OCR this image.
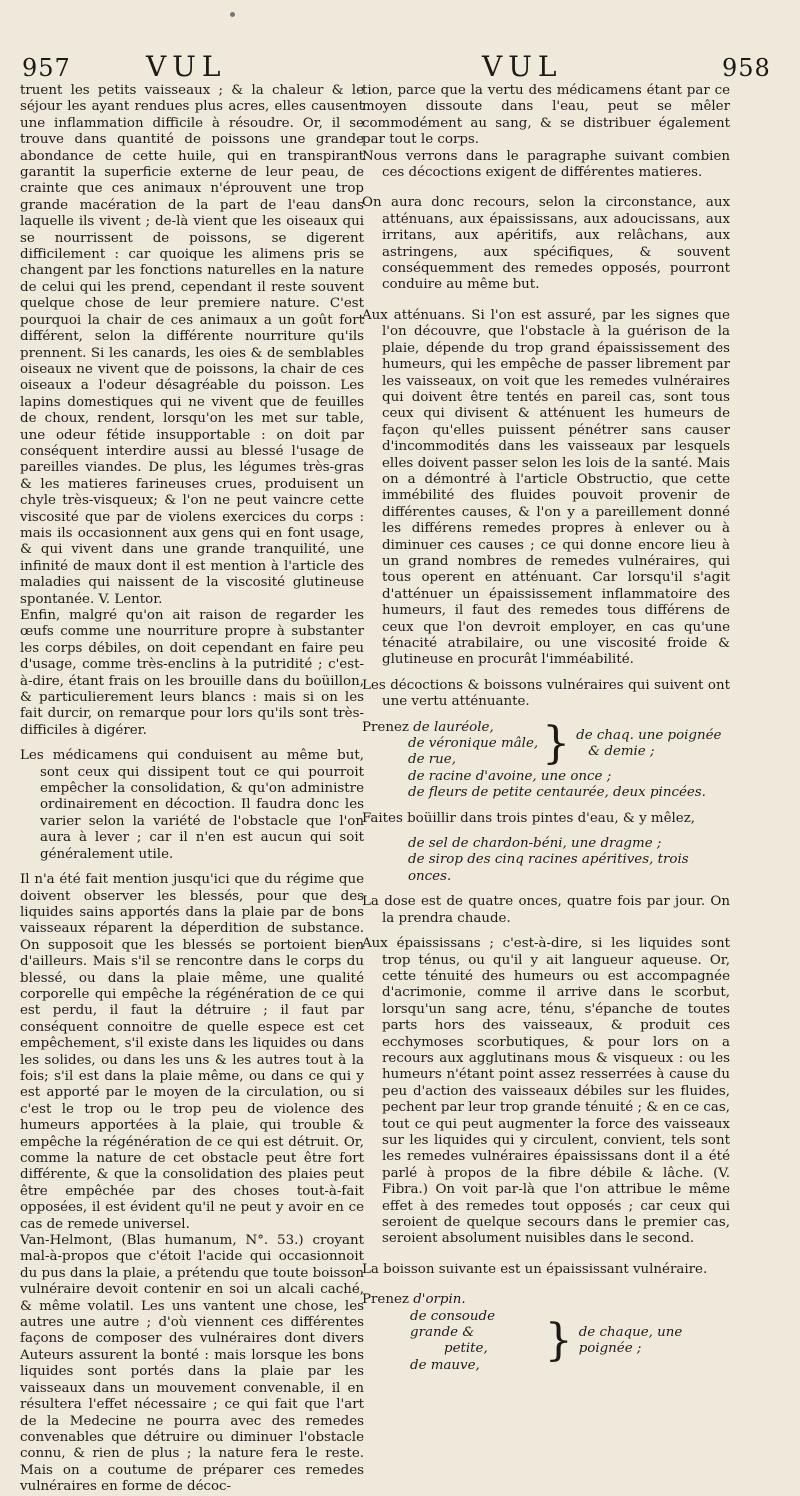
957	VUL	VUL	958

truent les petits vaisseaux ; & la chaleur & le séjour les ayant rendues plus acres, elles causent une inflammation difficile à résoudre. Or, il se trouve dans quantité de poissons une grande abondance de cette huile, qui en transpirant garantit la superficie externe de leur peau, de crainte que ces animaux n'éprouvent une trop grande macération de la part de l'eau dans laquelle ils vivent ; de-là vient que les oiseaux qui se nourrissent de poissons, se digerent difficilement : car quoique les alimens pris se changent par les fonctions naturelles en la nature de celui qui les prend, cependant il reste souvent quelque chose de leur premiere nature. C'est pourquoi la chair de ces animaux a un goût fort différent, selon la différente nourriture qu'ils prennent. Si les canards, les oies & de semblables oiseaux ne vivent que de poissons, la chair de ces oiseaux a l'odeur désagréable du poisson. Les lapins domestiques qui ne vivent que de feuilles de choux, rendent, lorsqu'on les met sur table, une odeur fétide insupportable : on doit par conséquent interdire aussi au blessé l'usage de pareilles viandes. De plus, les légumes très-gras & les matieres farineuses crues, produisent un chyle très-visqueux; & l'on ne peut vaincre cette viscosité que par de violens exercices du corps : mais ils occasionnent aux gens qui en font usage, & qui vivent dans une grande tranquilité, une infinité de maux dont il est mention à l'article des maladies qui naissent de la viscosité glutineuse spontanée. V. Lentor.

Enfin, malgré qu'on ait raison de regarder les œufs comme une nourriture propre à substanter les corps débiles, on doit cependant en faire peu d'usage, comme très-enclins à la putridité ; c'est-à-dire, étant frais on les brouille dans du boüillon, & particulierement leurs blancs : mais si on les fait durcir, on remarque pour lors qu'ils sont très-difficiles à digérer.

Les médicamens qui conduisent au même but, sont ceux qui dissipent tout ce qui pourroit empêcher la consolidation, & qu'on administre ordinairement en décoction. Il faudra donc les varier selon la variété de l'obstacle que l'on aura à lever ; car il n'en est aucun qui soit généralement utile.

Il n'a été fait mention jusqu'ici que du régime que doivent observer les blessés, pour que des liquides sains apportés dans la plaie par de bons vaisseaux réparent la déperdition de substance. On supposoit que les blessés se portoient bien d'ailleurs. Mais s'il se rencontre dans le corps du blessé, ou dans la plaie même, une qualité corporelle qui empêche la régénération de ce qui est perdu, il faut la détruire ; il faut par conséquent connoitre de quelle espece est cet empêchement, s'il existe dans les liquides ou dans les solides, ou dans les uns & les autres tout à la fois; s'il est dans la plaie même, ou dans ce qui y est apporté par le moyen de la circulation, ou si c'est le trop ou le trop peu de violence des humeurs apportées à la plaie, qui trouble & empêche la régénération de ce qui est détruit. Or, comme la nature de cet obstacle peut être fort différente, & que la consolidation des plaies peut être empêchée par des choses tout-à-fait opposées, il est évident qu'il ne peut y avoir en ce cas de remede universel.

Van-Helmont, (Blas humanum, N°. 53.) croyant mal-à-propos que c'étoit l'acide qui occasionnoit du pus dans la plaie, a prétendu que toute boisson vulnéraire devoit contenir en soi un alcali caché, & même volatil. Les uns vantent une chose, les autres une autre ; d'où viennent ces différentes façons de composer des vulnéraires dont divers Auteurs assurent la bonté : mais lorsque les bons liquides sont portés dans la plaie par les vaisseaux dans un mouvement convenable, il en résultera l'effet nécessaire ; ce qui fait que l'art de la Medecine ne pourra avec des remedes convenables que détruire ou diminuer l'obstacle connu, & rien de plus ; la nature fera le reste. Mais on a coutume de préparer ces remedes vulnéraires en forme de décoc-

tion, parce que la vertu des médicamens étant par ce moyen dissoute dans l'eau, peut se mêler commodément au sang, & se distribuer également par tout le corps.

Nous verrons dans le paragraphe suivant combien ces décoctions exigent de différentes matieres.

On aura donc recours, selon la circonstance, aux atténuans, aux épaississans, aux adoucissans, aux irritans, aux apéritifs, aux relâchans, aux astringens, aux spécifiques, & souvent conséquemment des remedes opposés, pourront conduire au même but.

Aux atténuans. Si l'on est assuré, par les signes que l'on découvre, que l'obstacle à la guérison de la plaie, dépende du trop grand épaississement des humeurs, qui les empêche de passer librement par les vaisseaux, on voit que les remedes vulnéraires qui doivent être tentés en pareil cas, sont tous ceux qui divisent & atténuent les humeurs de façon qu'elles puissent pénétrer sans causer d'incommodités dans les vaisseaux par lesquels elles doivent passer selon les lois de la santé. Mais on a démontré à l'article Obstructio, que cette immébilité des fluides pouvoit provenir de différentes causes, & l'on y a pareillement donné les différens remedes propres à enlever ou à diminuer ces causes ; ce qui donne encore lieu à un grand nombres de remedes vulnéraires, qui tous operent en atténuant. Car lorsqu'il s'agit d'atténuer un épaississement inflammatoire des humeurs, il faut des remedes tous différens de ceux que l'on devroit employer, en cas qu'une ténacité atrabilaire, ou une viscosité froide & glutineuse en procurât l'imméabilité.

Les décoctions & boissons vulnéraires qui suivent ont une vertu atténuante.

Prenez de lauréole,
de véronique mâle,
de rue,	} de chaq. une poignée
& demie ;
de racine d'avoine, une once ;
de fleurs de petite centaurée, deux pincées.

Faites boüillir dans trois pintes d'eau, & y mêlez,

de sel de chardon-béni, une dragme ;
de sirop des cinq racines apéritives, trois onces.

La dose est de quatre onces, quatre fois par jour. On la prendra chaude.

Aux épaississans ; c'est-à-dire, si les liquides sont trop ténus, ou qu'il y ait langueur aqueuse. Or, cette ténuité des humeurs ou est accompagnée d'acrimonie, comme il arrive dans le scorbut, lorsqu'un sang acre, ténu, s'épanche de toutes parts hors des vaisseaux, & produit ces ecchymoses scorbutiques, & pour lors on a recours aux agglutinans mous & visqueux : ou les humeurs n'étant point assez resserrées à cause du peu d'action des vaisseaux débiles sur les fluides, pechent par leur trop grande ténuité ; & en ce cas, tout ce qui peut augmenter la force des vaisseaux sur les liquides qui y circulent, convient, tels sont les remedes vulnéraires épaississans dont il a été parlé à propos de la fibre débile & lâche. (V. Fibra.) On voit par-là que l'on attribue le même effet à des remedes tout opposés ; car ceux qui seroient de quelque secours dans le premier cas, seroient absolument nuisibles dans le second.

La boisson suivante est un épaississant vulnéraire.

Prenez d'orpin.
de consoude grande &
petite,
de mauve,	} de chaque, une poignée ;
